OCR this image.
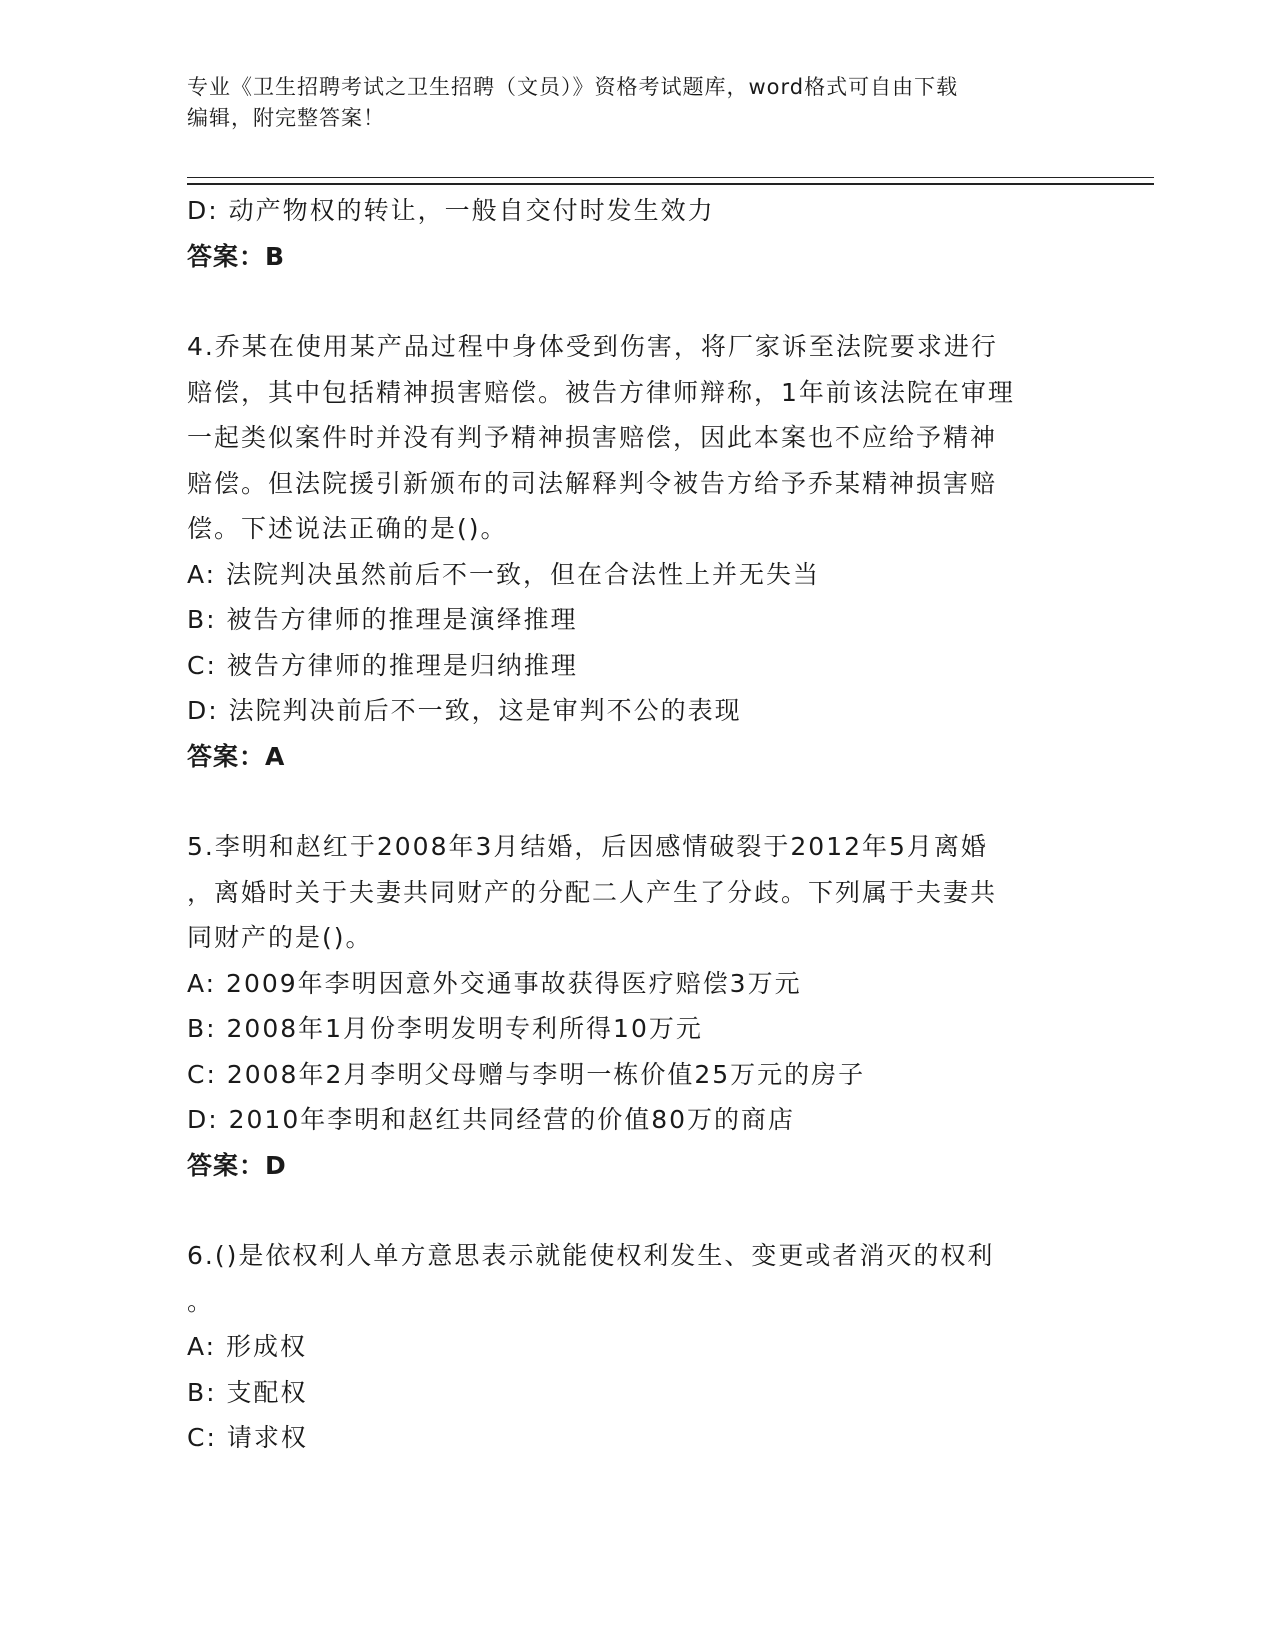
专业《卫生招聘考试之卫生招聘（文员）》资格考试题库，word格式可自由下载
编辑，附完整答案！
D: 动产物权的转让，一般自交付时发生效力
答案：B
4.乔某在使用某产品过程中身体受到伤害，将厂家诉至法院要求进行
赔偿，其中包括精神损害赔偿。被告方律师辩称，1年前该法院在审理
一起类似案件时并没有判予精神损害赔偿，因此本案也不应给予精神
赔偿。但法院援引新颁布的司法解释判令被告方给予乔某精神损害赔
偿。下述说法正确的是()。
A: 法院判决虽然前后不一致，但在合法性上并无失当
B: 被告方律师的推理是演绎推理
C: 被告方律师的推理是归纳推理
D: 法院判决前后不一致，这是审判不公的表现
答案：A
5.李明和赵红于2008年3月结婚，后因感情破裂于2012年5月离婚
，离婚时关于夫妻共同财产的分配二人产生了分歧。下列属于夫妻共
同财产的是()。
A: 2009年李明因意外交通事故获得医疗赔偿3万元
B: 2008年1月份李明发明专利所得10万元
C: 2008年2月李明父母赠与李明一栋价值25万元的房子
D: 2010年李明和赵红共同经营的价值80万的商店
答案：D
6.()是依权利人单方意思表示就能使权利发生、变更或者消灭的权利
。
A: 形成权
B: 支配权
C: 请求权
